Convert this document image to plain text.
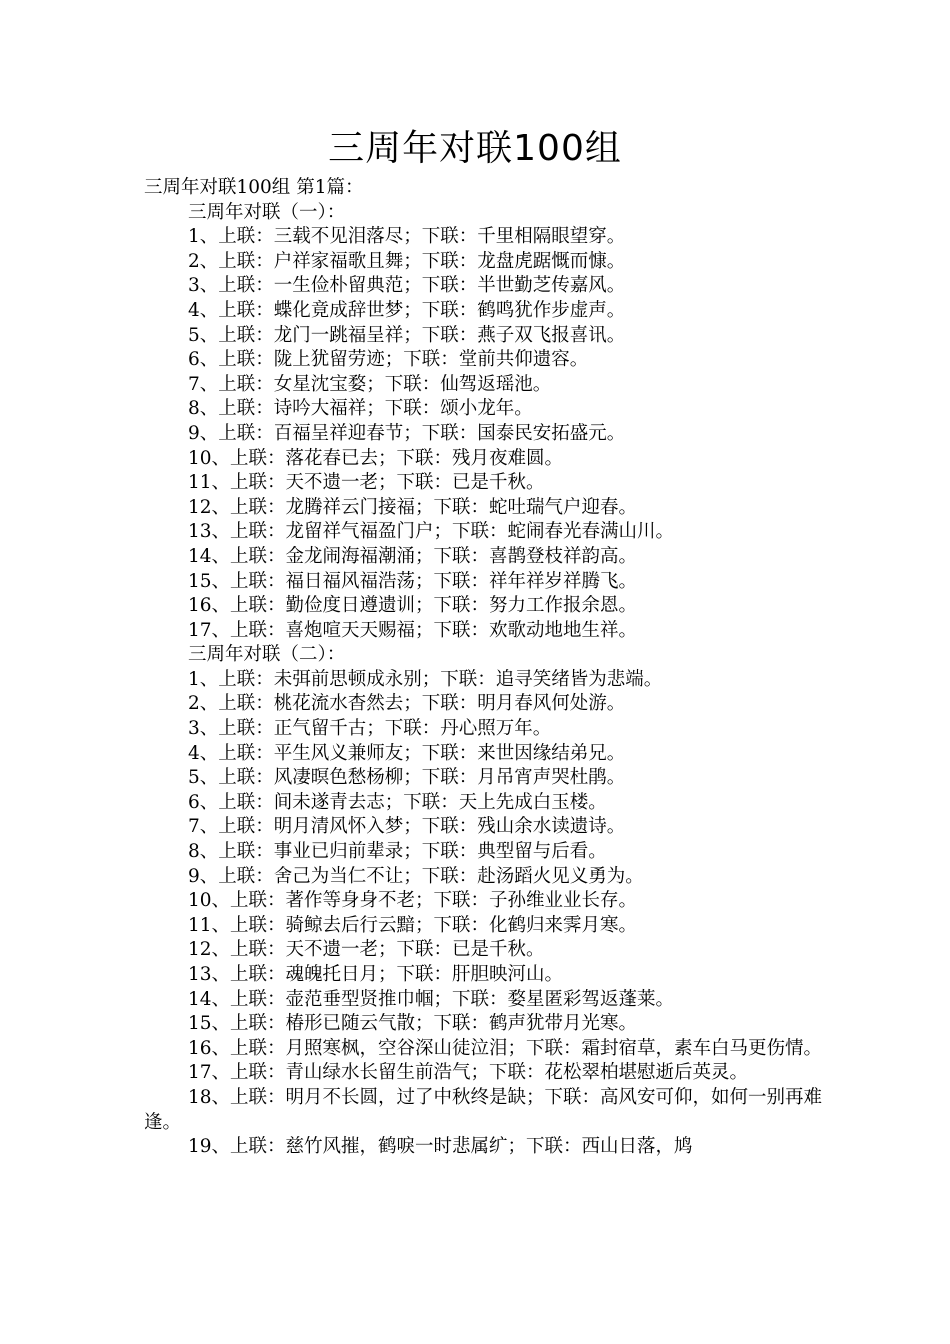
三周年对联100组
三周年对联100组 第1篇：
三周年对联（一）：
1、上联：三载不见泪落尽；下联：千里相隔眼望穿。
2、上联：户祥家福歌且舞；下联：龙盘虎踞慨而慷。
3、上联：一生俭朴留典范；下联：半世勤芝传嘉风。
4、上联：蝶化竟成辞世梦；下联：鹤鸣犹作步虚声。
5、上联：龙门一跳福呈祥；下联：燕子双飞报喜讯。
6、上联：陇上犹留劳迹；下联：堂前共仰遗容。
7、上联：女星沈宝婺；下联：仙驾返瑶池。
8、上联：诗吟大福祥；下联：颂小龙年。
9、上联：百福呈祥迎春节；下联：国泰民安拓盛元。
10、上联：落花春已去；下联：残月夜难圆。
11、上联：天不遗一老；下联：已是千秋。
12、上联：龙腾祥云门接福；下联：蛇吐瑞气户迎春。
13、上联：龙留祥气福盈门户；下联：蛇闹春光春满山川。
14、上联：金龙闹海福潮涌；下联：喜鹊登枝祥韵高。
15、上联：福日福风福浩荡；下联：祥年祥岁祥腾飞。
16、上联：勤俭度日遵遗训；下联：努力工作报余恩。
17、上联：喜炮喧天天赐福；下联：欢歌动地地生祥。
三周年对联（二）：
1、上联：未弭前思顿成永别；下联：追寻笑绪皆为悲端。
2、上联：桃花流水杳然去；下联：明月春风何处游。
3、上联：正气留千古；下联：丹心照万年。
4、上联：平生风义兼师友；下联：来世因缘结弟兄。
5、上联：风凄暝色愁杨柳；下联：月吊宵声哭杜鹃。
6、上联：间未遂青去志；下联：天上先成白玉楼。
7、上联：明月清风怀入梦；下联：残山余水读遗诗。
8、上联：事业已归前辈录；下联：典型留与后看。
9、上联：舍己为当仁不让；下联：赴汤蹈火见义勇为。
10、上联：著作等身身不老；下联：子孙维业业长存。
11、上联：骑鲸去后行云黯；下联：化鹤归来霁月寒。
12、上联：天不遗一老；下联：已是千秋。
13、上联：魂魄托日月；下联：肝胆映河山。
14、上联：壶范垂型贤推巾帼；下联：婺星匿彩驾返蓬莱。
15、上联：椿形已随云气散；下联：鹤声犹带月光寒。
16、上联：月照寒枫，空谷深山徒泣泪；下联：霜封宿草，素车白马更伤情。
17、上联：青山绿水长留生前浩气；下联：花松翠柏堪慰逝后英灵。
18、上联：明月不长圆，过了中秋终是缺；下联：高风安可仰，如何一别再难逢。
19、上联：慈竹风摧，鹤唳一时悲属纩；下联：西山日落，鸠
